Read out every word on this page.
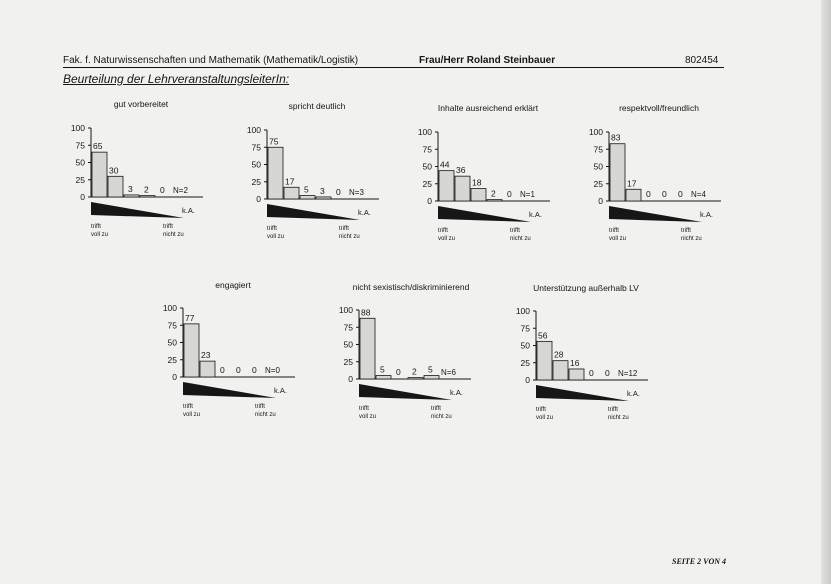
Fak. f. Naturwissenschaften und Mathematik (Mathematik/Logistik)	Frau/Herr Roland Steinbauer	802454
Beurteilung der LehrveranstaltungsleiterIn:
gut vorbereitet	spricht deutlich	Inhalte ausreichend erklärt	respektvoll/freundlich
engagiert	nicht sexistisch/diskriminierend	Unterstützung außerhalb LV
100
75
50
25
0
65
30
3 2 0 N=2
k.A.
trifft
voll zu
trifft
nicht zu
100
75
50
25
0
75
17
5 3 0 N=3
k.A.
trifft
voll zu
trifft
nicht zu
100
75
50
25
0
44
36
18
2 0 N=1
k.A.
trifft
voll zu
trifft
nicht zu
100
75
50
25
0
83
17
0 0 0 N=4
k.A.
trifft
voll zu
trifft
nicht zu
100
75
50
25
0
77
23
0 0 0 N=0
k.A.
trifft
voll zu
trifft
nicht zu
100
75
50
25
0
88
5 0 2 5 N=6
k.A.
trifft
voll zu
trifft
nicht zu
100
75
50
25
0
56
28
16
0 0 N=12
k.A.
trifft
voll zu
trifft
nicht zu
SEITE 2 VON 4
